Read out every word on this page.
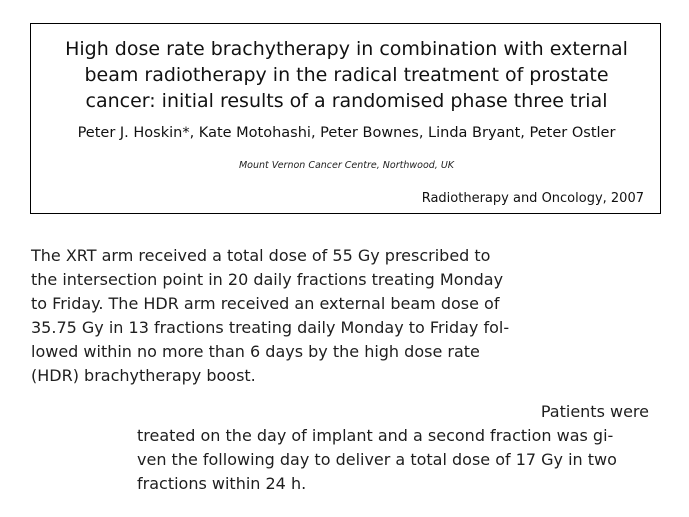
High dose rate brachytherapy in combination with external
beam radiotherapy in the radical treatment of prostate
cancer: initial results of a randomised phase three trial
Peter J. Hoskin*, Kate Motohashi, Peter Bownes, Linda Bryant, Peter Ostler
Mount Vernon Cancer Centre, Northwood, UK
Radiotherapy and Oncology, 2007
The XRT arm received a total dose of 55 Gy prescribed to
the intersection point in 20 daily fractions treating Monday
to Friday. The HDR arm received an external beam dose of
35.75 Gy in 13 fractions treating daily Monday to Friday fol-
lowed within no more than 6 days by the high dose rate
(HDR) brachytherapy boost.
Patients were
treated on the day of implant and a second fraction was gi-
ven the following day to deliver a total dose of 17 Gy in two
fractions within 24 h.
